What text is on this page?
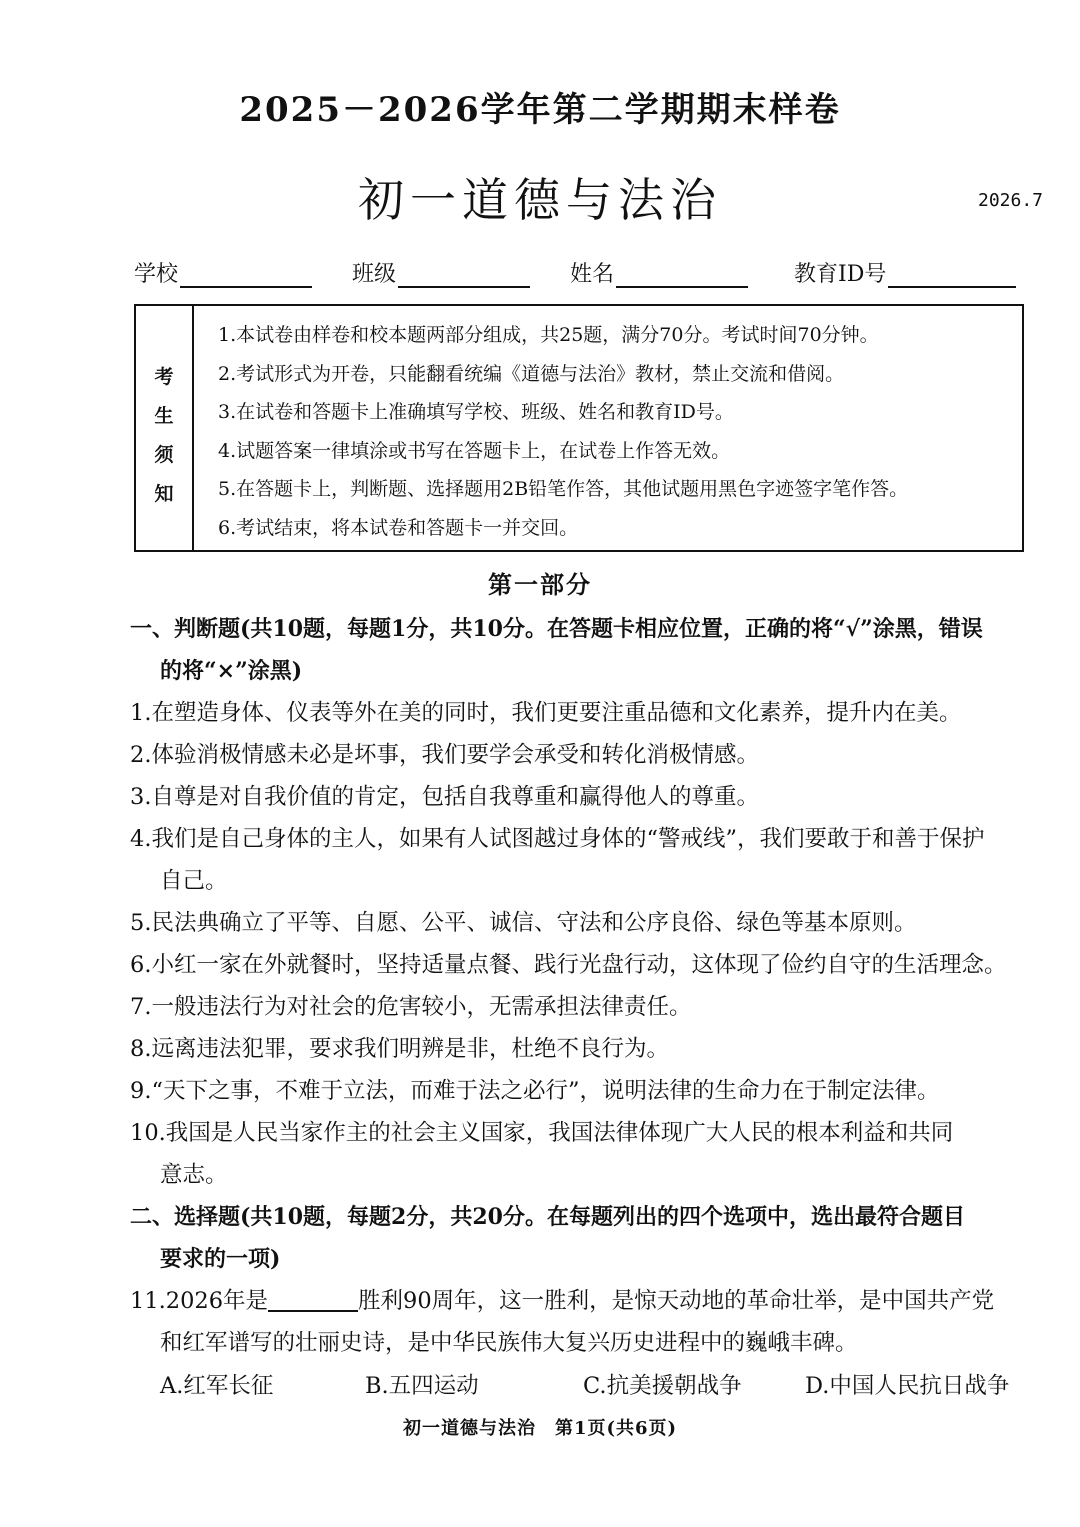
2025－2026学年第二学期期末样卷
初一道德与法治	2026.7
学校	班级	姓名	教育ID号
考
生
须
知
1.本试卷由样卷和校本题两部分组成，共25题，满分70分。考试时间70分钟。
2.考试形式为开卷，只能翻看统编《道德与法治》教材，禁止交流和借阅。
3.在试卷和答题卡上准确填写学校、班级、姓名和教育ID号。
4.试题答案一律填涂或书写在答题卡上，在试卷上作答无效。
5.在答题卡上，判断题、选择题用2B铅笔作答，其他试题用黑色字迹签字笔作答。
6.考试结束，将本试卷和答题卡一并交回。
第一部分
一、判断题(共10题，每题1分，共10分。在答题卡相应位置，正确的将“√”涂黑，错误
的将“×”涂黑)
1.在塑造身体、仪表等外在美的同时，我们更要注重品德和文化素养，提升内在美。
2.体验消极情感未必是坏事，我们要学会承受和转化消极情感。
3.自尊是对自我价值的肯定，包括自我尊重和赢得他人的尊重。
4.我们是自己身体的主人，如果有人试图越过身体的“警戒线”，我们要敢于和善于保护
自己。
5.民法典确立了平等、自愿、公平、诚信、守法和公序良俗、绿色等基本原则。
6.小红一家在外就餐时，坚持适量点餐、践行光盘行动，这体现了俭约自守的生活理念。
7.一般违法行为对社会的危害较小，无需承担法律责任。
8.远离违法犯罪，要求我们明辨是非，杜绝不良行为。
9.“天下之事，不难于立法，而难于法之必行”，说明法律的生命力在于制定法律。
10.我国是人民当家作主的社会主义国家，我国法律体现广大人民的根本利益和共同
意志。
二、选择题(共10题，每题2分，共20分。在每题列出的四个选项中，选出最符合题目
要求的一项)
11.2026年是	胜利90周年，这一胜利，是惊天动地的革命壮举，是中国共产党
和红军谱写的壮丽史诗，是中华民族伟大复兴历史进程中的巍峨丰碑。
A.红军长征	B.五四运动	C.抗美援朝战争	D.中国人民抗日战争
初一道德与法治　第1页(共6页)
